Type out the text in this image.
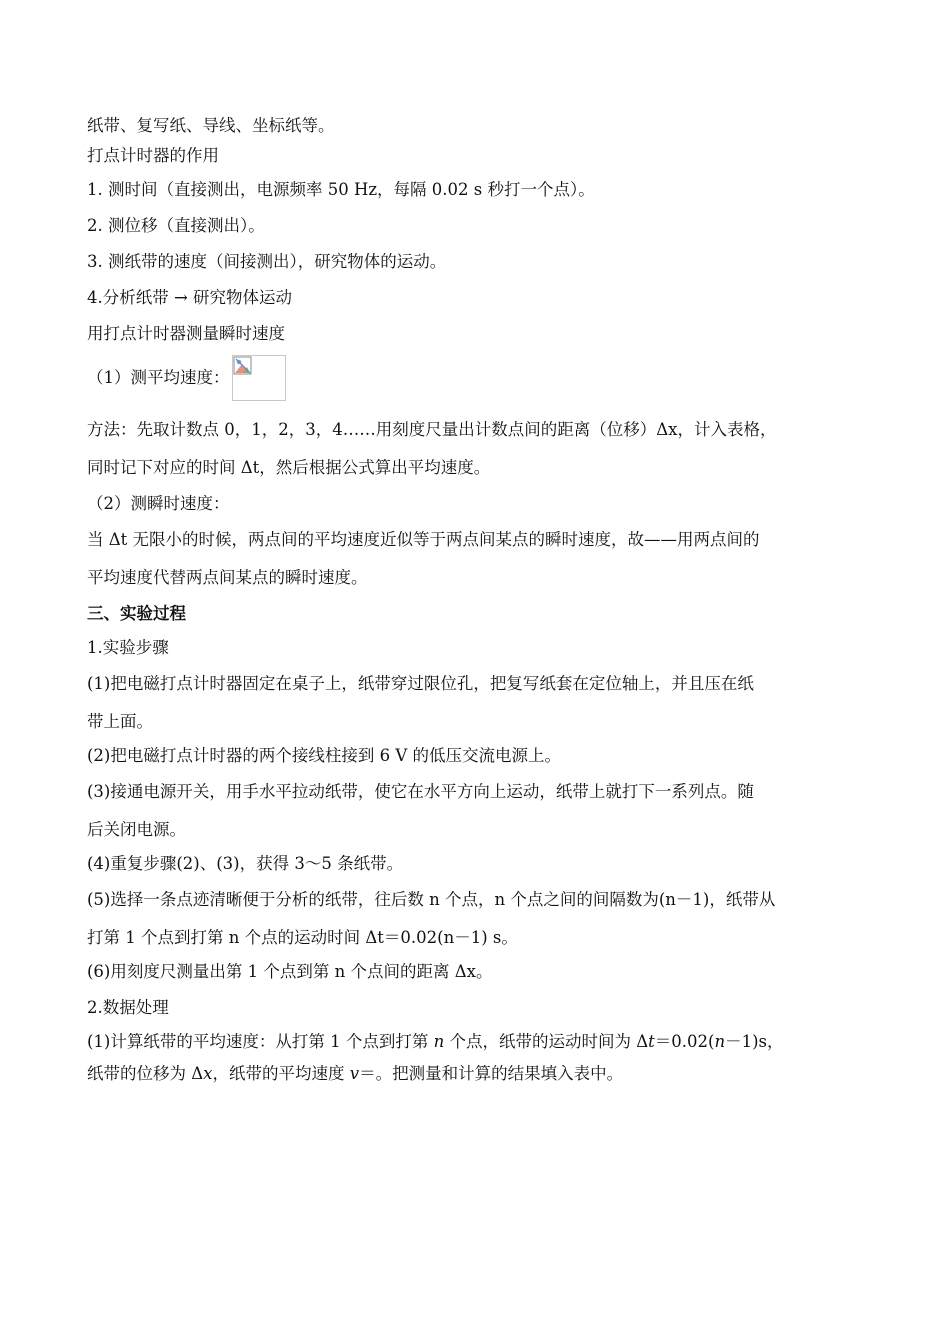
纸带、复写纸、导线、坐标纸等。

打点计时器的作用

1. 测时间（直接测出，电源频率 50 Hz，每隔 0.02 s 秒打一个点）。

2. 测位移（直接测出）。

3. 测纸带的速度（间接测出），研究物体的运动。

4.分析纸带 → 研究物体运动

用打点计时器测量瞬时速度

（1）测平均速度：

方法：先取计数点 0，1，2，3，4……用刻度尺量出计数点间的距离（位移）Δx，计入表格，

同时记下对应的时间 Δt，然后根据公式算出平均速度。

（2）测瞬时速度：

当 Δt 无限小的时候，两点间的平均速度近似等于两点间某点的瞬时速度，故——用两点间的

平均速度代替两点间某点的瞬时速度。

三、实验过程

1.实验步骤

(1)把电磁打点计时器固定在桌子上，纸带穿过限位孔，把复写纸套在定位轴上，并且压在纸

带上面。

(2)把电磁打点计时器的两个接线柱接到 6 V 的低压交流电源上。

(3)接通电源开关，用手水平拉动纸带，使它在水平方向上运动，纸带上就打下一系列点。随

后关闭电源。

(4)重复步骤(2)、(3)，获得 3～5 条纸带。

(5)选择一条点迹清晰便于分析的纸带，往后数 n 个点，n 个点之间的间隔数为(n－1)，纸带从

打第 1 个点到打第 n 个点的运动时间 Δt＝0.02(n－1) s。

(6)用刻度尺测量出第 1 个点到第 n 个点间的距离 Δx。

2.数据处理

(1)计算纸带的平均速度：从打第 1 个点到打第 n 个点，纸带的运动时间为 Δt＝0.02(n－1)s，

纸带的位移为 Δx，纸带的平均速度 v＝。把测量和计算的结果填入表中。
